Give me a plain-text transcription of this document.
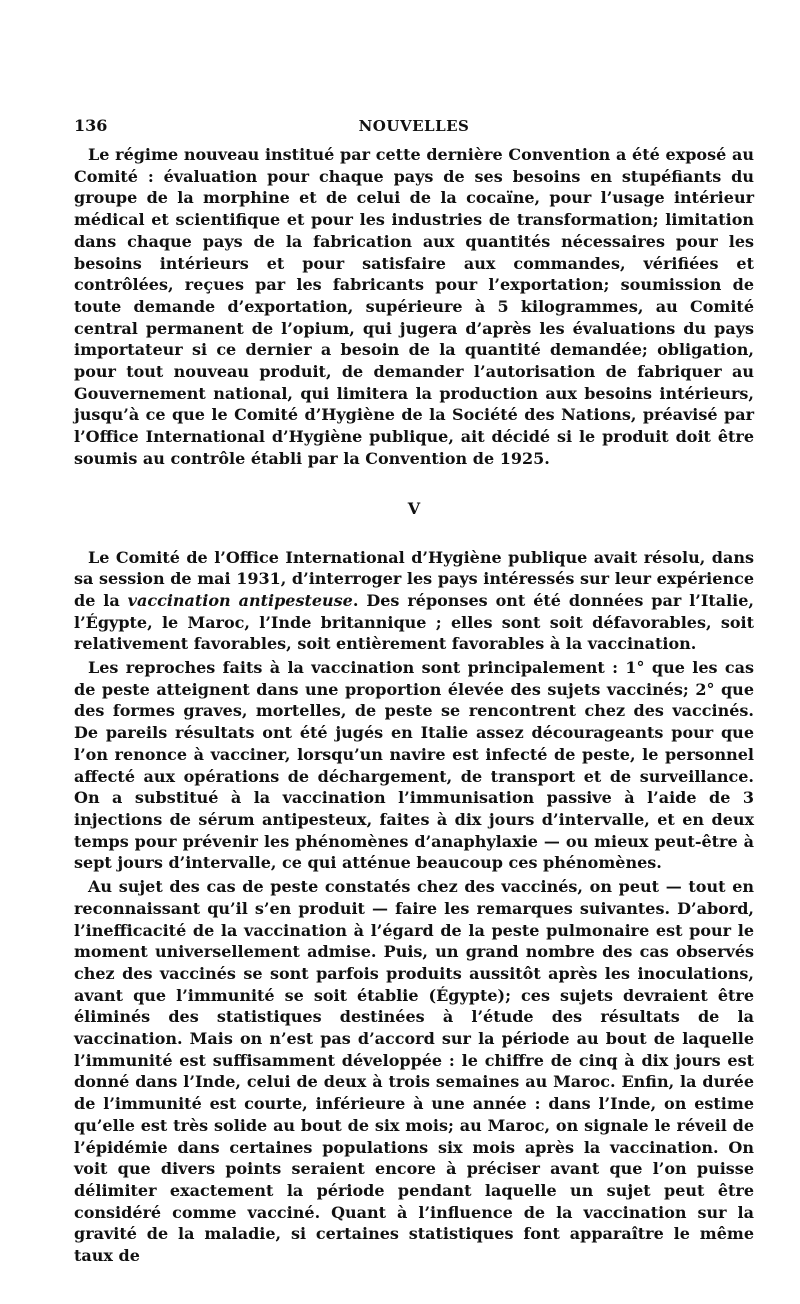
136	NOUVELLES

Le régime nouveau institué par cette dernière Convention a été exposé au Comité : évaluation pour chaque pays de ses besoins en stupéfiants du groupe de la morphine et de celui de la cocaïne, pour l’usage intérieur médical et scientifique et pour les industries de transformation; limitation dans chaque pays de la fabrication aux quantités nécessaires pour les besoins intérieurs et pour satisfaire aux commandes, vérifiées et contrôlées, reçues par les fabricants pour l’exportation; soumission de toute demande d’exportation, supérieure à 5 kilogrammes, au Comité central permanent de l’opium, qui jugera d’après les évaluations du pays importateur si ce dernier a besoin de la quantité demandée; obligation, pour tout nouveau produit, de demander l’autorisation de fabriquer au Gouvernement national, qui limitera la production aux besoins intérieurs, jusqu’à ce que le Comité d’Hygiène de la Société des Nations, préavisé par l’Office International d’Hygiène publique, ait décidé si le produit doit être soumis au contrôle établi par la Convention de 1925.

V

Le Comité de l’Office International d’Hygiène publique avait résolu, dans sa session de mai 1931, d’interroger les pays intéressés sur leur expérience de la vaccination antipesteuse. Des réponses ont été données par l’Italie, l’Égypte, le Maroc, l’Inde britannique ; elles sont soit défavorables, soit relativement favorables, soit entièrement favorables à la vaccination.

Les reproches faits à la vaccination sont principalement : 1° que les cas de peste atteignent dans une proportion élevée des sujets vaccinés; 2° que des formes graves, mortelles, de peste se rencontrent chez des vaccinés. De pareils résultats ont été jugés en Italie assez décourageants pour que l’on renonce à vacciner, lorsqu’un navire est infecté de peste, le personnel affecté aux opérations de déchargement, de transport et de surveillance. On a substitué à la vaccination l’immunisation passive à l’aide de 3 injections de sérum antipesteux, faites à dix jours d’intervalle, et en deux temps pour prévenir les phénomènes d’anaphylaxie — ou mieux peut-être à sept jours d’intervalle, ce qui atténue beaucoup ces phénomènes.

Au sujet des cas de peste constatés chez des vaccinés, on peut — tout en reconnaissant qu’il s’en produit — faire les remarques suivantes. D’abord, l’inefficacité de la vaccination à l’égard de la peste pulmonaire est pour le moment universellement admise. Puis, un grand nombre des cas observés chez des vaccinés se sont parfois produits aussitôt après les inoculations, avant que l’immunité se soit établie (Égypte); ces sujets devraient être éliminés des statistiques destinées à l’étude des résultats de la vaccination. Mais on n’est pas d’accord sur la période au bout de laquelle l’immunité est suffisamment développée : le chiffre de cinq à dix jours est donné dans l’Inde, celui de deux à trois semaines au Maroc. Enfin, la durée de l’immunité est courte, inférieure à une année : dans l’Inde, on estime qu’elle est très solide au bout de six mois; au Maroc, on signale le réveil de l’épidémie dans certaines populations six mois après la vaccination. On voit que divers points seraient encore à préciser avant que l’on puisse délimiter exactement la période pendant laquelle un sujet peut être considéré comme vacciné. Quant à l’influence de la vaccination sur la gravité de la maladie, si certaines statistiques font apparaître le même taux de
